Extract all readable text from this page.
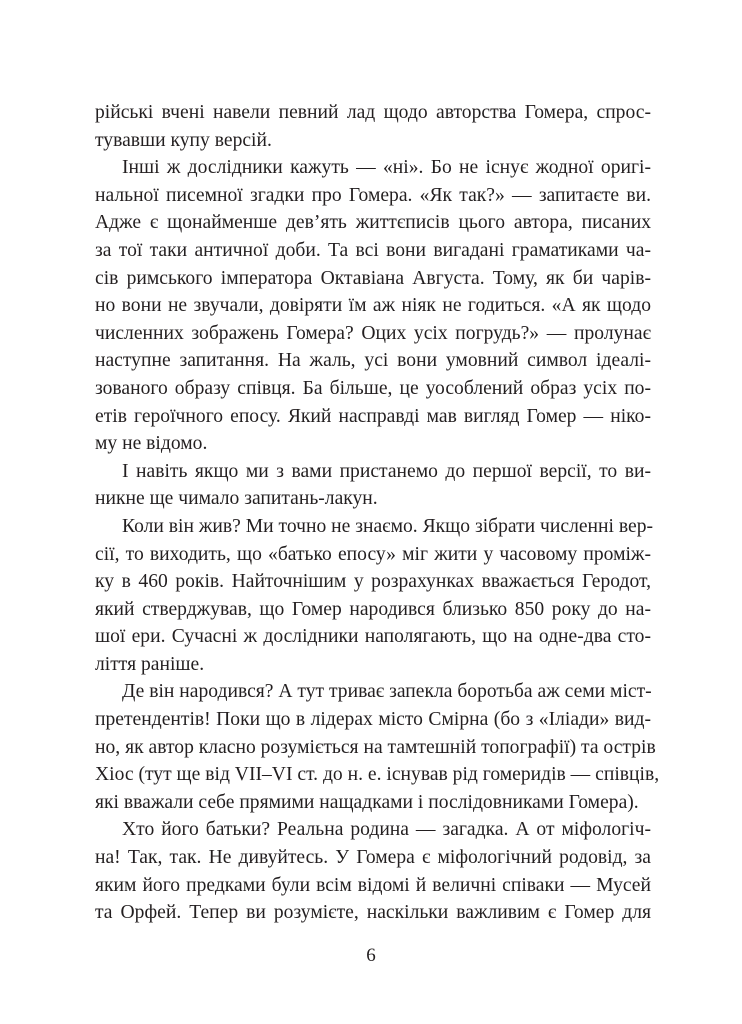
рійські вчені навели певний лад щодо авторства Гомера, спрос-
тувавши купу версій.
Інші ж дослідники кажуть — «ні». Бо не існує жодної оригі-
нальної писемної згадки про Гомера. «Як так?» — запитаєте ви.
Адже є щонайменше дев’ять життєписів цього автора, писаних
за тої таки античної доби. Та всі вони вигадані граматиками ча-
сів римського імператора Октавіана Августа. Тому, як би чарів-
но вони не звучали, довіряти їм аж ніяк не годиться. «А як щодо
численних зображень Гомера? Оцих усіх погрудь?» — пролунає
наступне запитання. На жаль, усі вони умовний символ ідеалі-
зованого образу співця. Ба більше, це уособлений образ усіх по-
етів героїчного епосу. Який насправді мав вигляд Гомер — ніко-
му не відомо.
І навіть якщо ми з вами пристанемо до першої версії, то ви-
никне ще чимало запитань-лакун.
Коли він жив? Ми точно не знаємо. Якщо зібрати численні вер-
сії, то виходить, що «батько епосу» міг жити у часовому проміж-
ку в 460 років. Найточнішим у розрахунках вважається Геродот,
який стверджував, що Гомер народився близько 850 року до на-
шої ери. Сучасні ж дослідники наполягають, що на одне-два сто-
ліття раніше.
Де він народився? А тут триває запекла боротьба аж семи міст-
претендентів! Поки що в лідерах місто Смірна (бо з «Іліади» вид-
но, як автор класно розуміється на тамтешній топографії) та острів
Хіос (тут ще від VII–VI ст. до н. е. існував рід гомеридів — співців,
які вважали себе прямими нащадками і послідовниками Гомера).
Хто його батьки? Реальна родина — загадка. А от міфологіч-
на! Так, так. Не дивуйтесь. У Гомера є міфологічний родовід, за
яким його предками були всім відомі й величні співаки — Мусей
та Орфей. Тепер ви розумієте, наскільки важливим є Гомер для
6
